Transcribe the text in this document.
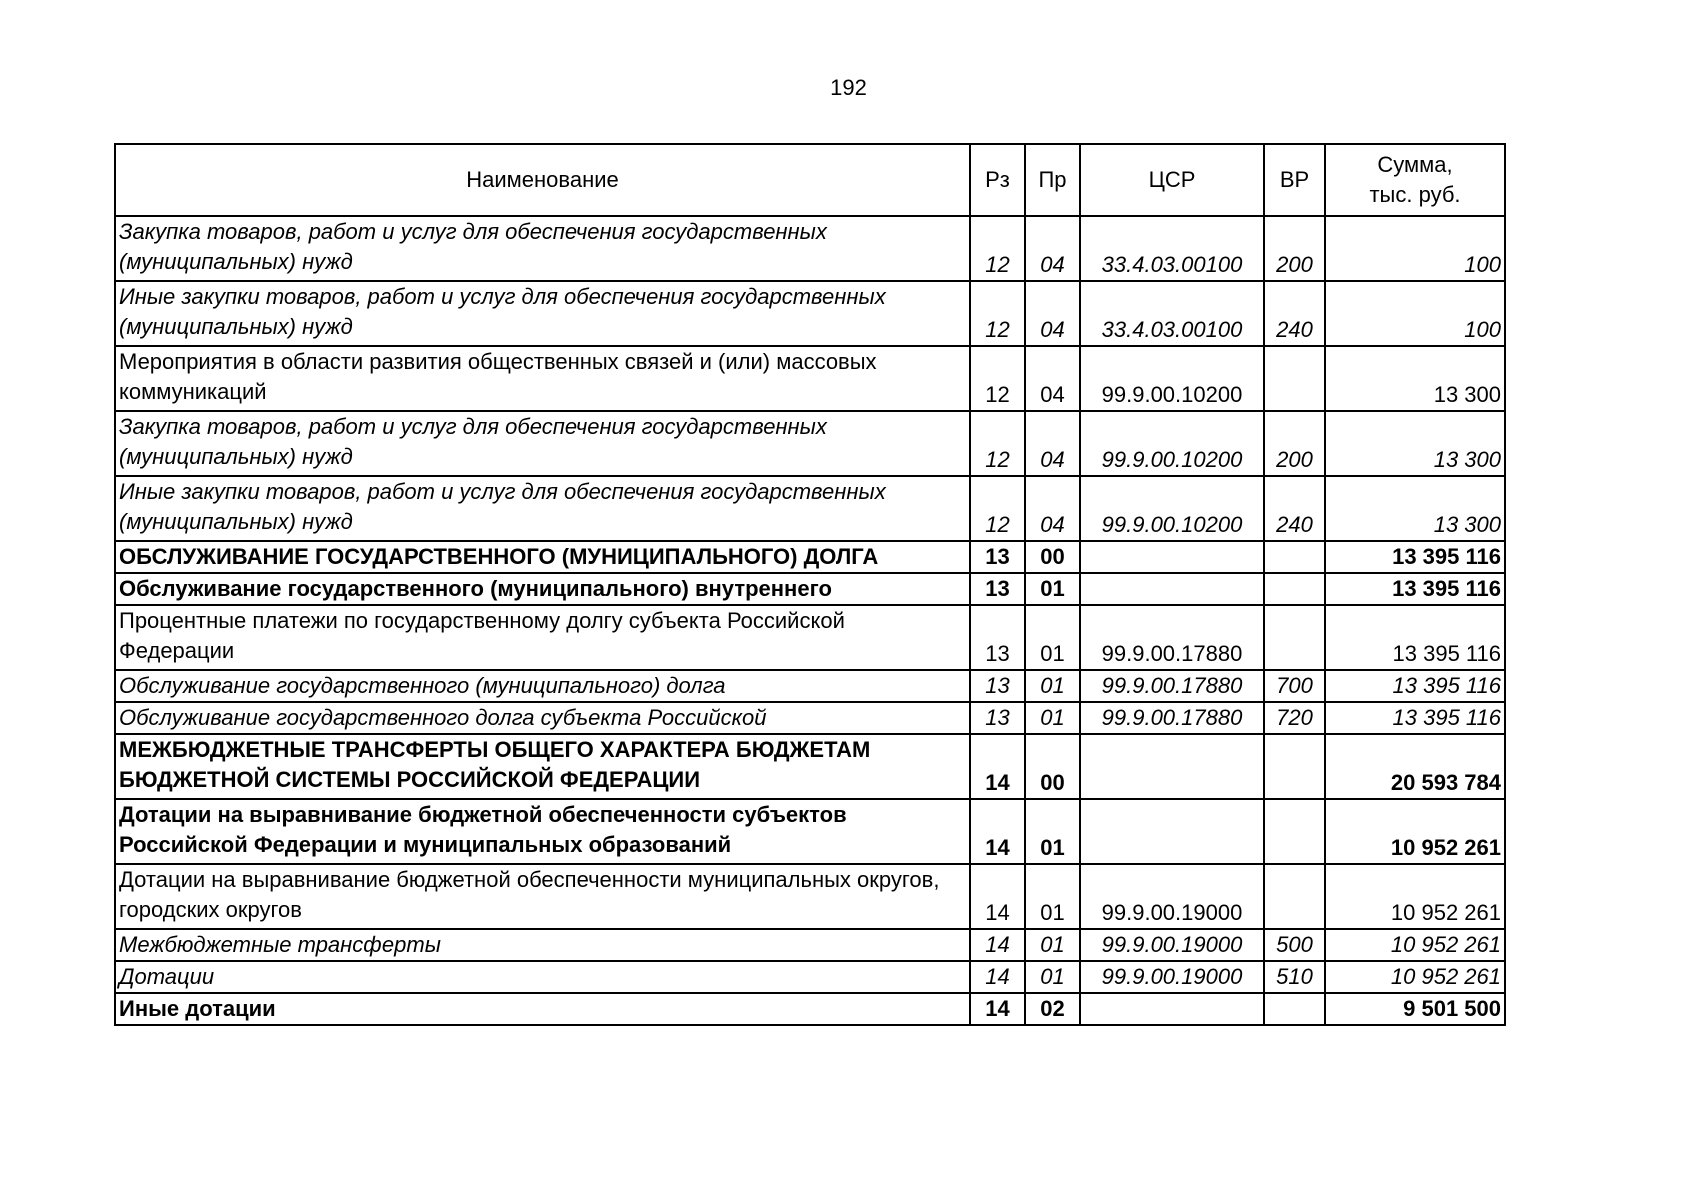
192
Наименование	Рз	Пр	ЦСР	ВР	Сумма, тыс. руб.
Закупка товаров, работ и услуг для обеспечения государственных (муниципальных) нужд	12	04	33.4.03.00100	200	100
Иные закупки товаров, работ и услуг для обеспечения государственных (муниципальных) нужд	12	04	33.4.03.00100	240	100
Мероприятия в области развития общественных связей и (или) массовых коммуникаций	12	04	99.9.00.10200		13 300
Закупка товаров, работ и услуг для обеспечения государственных (муниципальных) нужд	12	04	99.9.00.10200	200	13 300
Иные закупки товаров, работ и услуг для обеспечения государственных (муниципальных) нужд	12	04	99.9.00.10200	240	13 300
ОБСЛУЖИВАНИЕ ГОСУДАРСТВЕННОГО (МУНИЦИПАЛЬНОГО) ДОЛГА	13	00			13 395 116
Обслуживание государственного (муниципального) внутреннего	13	01			13 395 116
Процентные платежи по государственному долгу субъекта Российской Федерации	13	01	99.9.00.17880		13 395 116
Обслуживание государственного (муниципального) долга	13	01	99.9.00.17880	700	13 395 116
Обслуживание государственного долга субъекта Российской	13	01	99.9.00.17880	720	13 395 116
МЕЖБЮДЖЕТНЫЕ ТРАНСФЕРТЫ ОБЩЕГО ХАРАКТЕРА БЮДЖЕТАМ БЮДЖЕТНОЙ СИСТЕМЫ РОССИЙСКОЙ ФЕДЕРАЦИИ	14	00			20 593 784
Дотации на выравнивание бюджетной обеспеченности субъектов Российской Федерации и муниципальных образований	14	01			10 952 261
Дотации на выравнивание бюджетной обеспеченности муниципальных округов, городских округов	14	01	99.9.00.19000		10 952 261
Межбюджетные трансферты	14	01	99.9.00.19000	500	10 952 261
Дотации	14	01	99.9.00.19000	510	10 952 261
Иные дотации	14	02			9 501 500
